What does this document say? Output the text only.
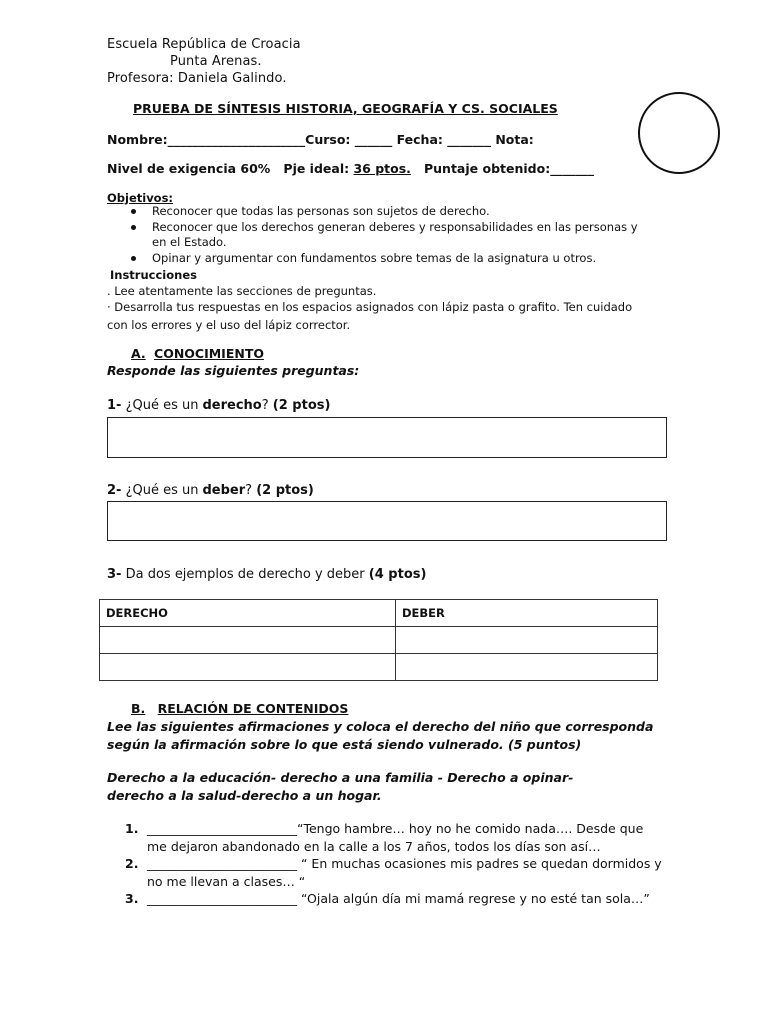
Escuela República de Croacia
Punta Arenas.
Profesora: Daniela Galindo.
PRUEBA DE SÍNTESIS HISTORIA, GEOGRAFÍA Y CS. SOCIALES
Nombre:______________________Curso: ______ Fecha: _______ Nota:
Nivel de exigencia 60% Pje ideal: 36 ptos. Puntaje obtenido:_______
Objetivos:
Reconocer que todas las personas son sujetos de derecho.
Reconocer que los derechos generan deberes y responsabilidades en las personas y en el Estado.
Opinar y argumentar con fundamentos sobre temas de la asignatura u otros.
Instrucciones
. Lee atentamente las secciones de preguntas.
· Desarrolla tus respuestas en los espacios asignados con lápiz pasta o grafito. Ten cuidado con los errores y el uso del lápiz corrector.
A. CONOCIMIENTO
Responde las siguientes preguntas:
1- ¿Qué es un derecho? (2 ptos)
2- ¿Qué es un deber? (2 ptos)
3- Da dos ejemplos de derecho y deber (4 ptos)
DERECHO	DEBER

B. RELACIÓN DE CONTENIDOS
Lee las siguientes afirmaciones y coloca el derecho del niño que corresponda según la afirmación sobre lo que está siendo vulnerado. (5 puntos)
Derecho a la educación- derecho a una familia - Derecho a opinar- derecho a la salud-derecho a un hogar.
1. ________________________“Tengo hambre… hoy no he comido nada…. Desde que me dejaron abandonado en la calle a los 7 años, todos los días son así…
2. ________________________ “ En muchas ocasiones mis padres se quedan dormidos y no me llevan a clases… “
3. ________________________ “Ojala algún día mi mamá regrese y no esté tan sola…”
